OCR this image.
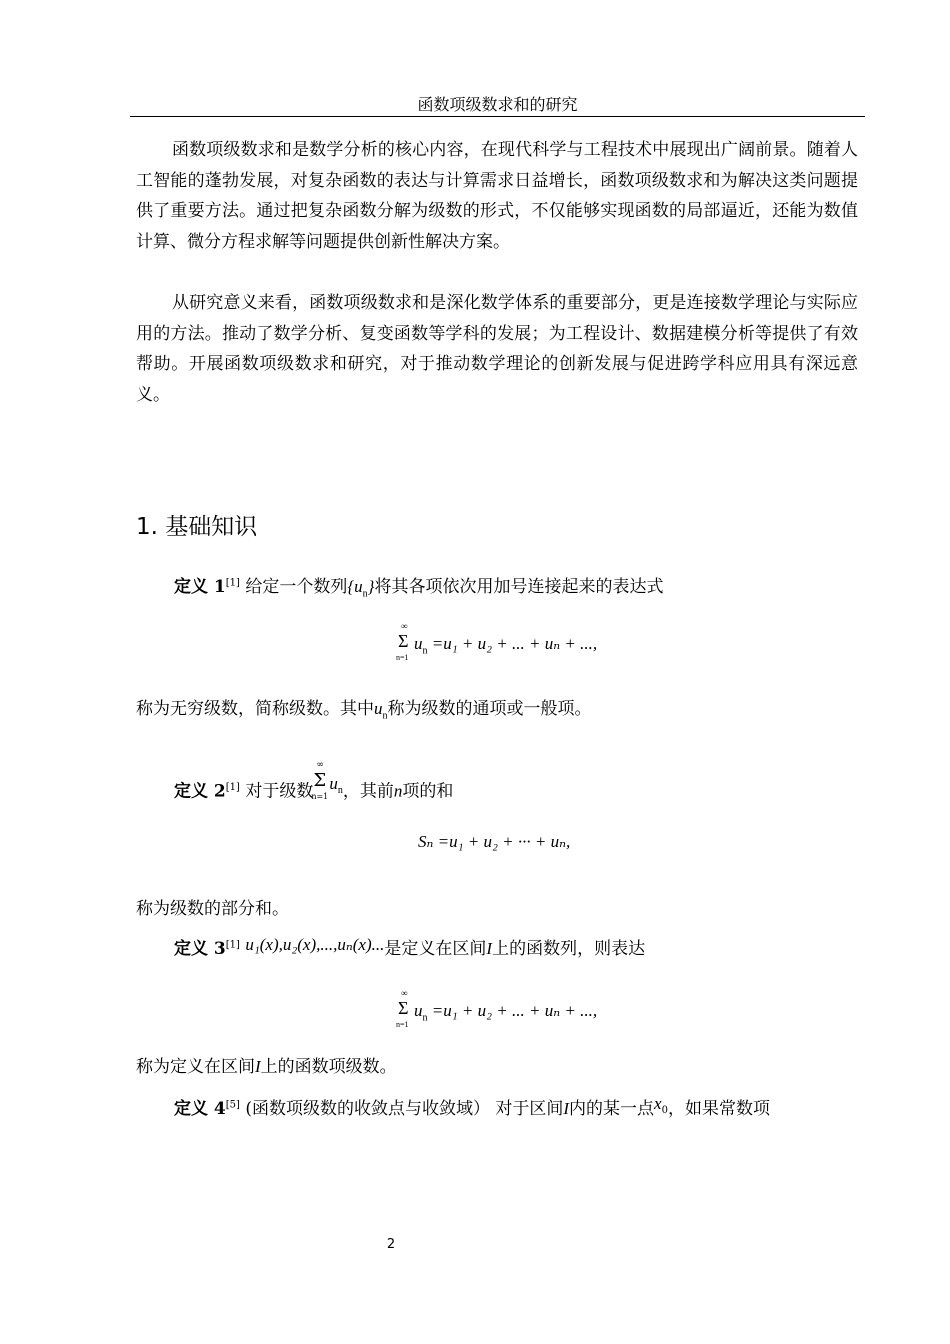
函数项级数求和的研究

函数项级数求和是数学分析的核心内容，在现代科学与工程技术中展现出广阔前景。随着人工智能的蓬勃发展，对复杂函数的表达与计算需求日益增长，函数项级数求和为解决这类问题提供了重要方法。通过把复杂函数分解为级数的形式，不仅能够实现函数的局部逼近，还能为数值计算、微分方程求解等问题提供创新性解决方案。

从研究意义来看，函数项级数求和是深化数学体系的重要部分，更是连接数学理论与实际应用的方法。推动了数学分析、复变函数等学科的发展；为工程设计、数据建模分析等提供了有效帮助。开展函数项级数求和研究，对于推动数学理论的创新发展与促进跨学科应用具有深远意义。

1. 基础知识
定义 1[1] 给定一个数列$\{u_n\}$将其各项依次用加号连接起来的表达式
∞
Σ
n=1
$u_n =u_1 + u_2$ + ... + uₙ + ...,
称为无穷级数，简称级数。其中$u_n$称为级数的通项或一般项。
定义 2[1] 对于级数
∞
Σ
n=1
$u_n$，其前n项的和
Sₙ =u₁ + u₂ + ··· + uₙ,
称为级数的部分和。
定义 3[1] u₁(x),u₂(x),...,uₙ(x)...是定义在区间I上的函数列，则表达
∞
Σ
n=1
$u_n =u_1 + u_2$ + ... + uₙ + ...,
称为定义在区间I上的函数项级数。
定义 4[5] (函数项级数的收敛点与收敛域） 对于区间I内的某一点$x_0$，如果常数项
2
